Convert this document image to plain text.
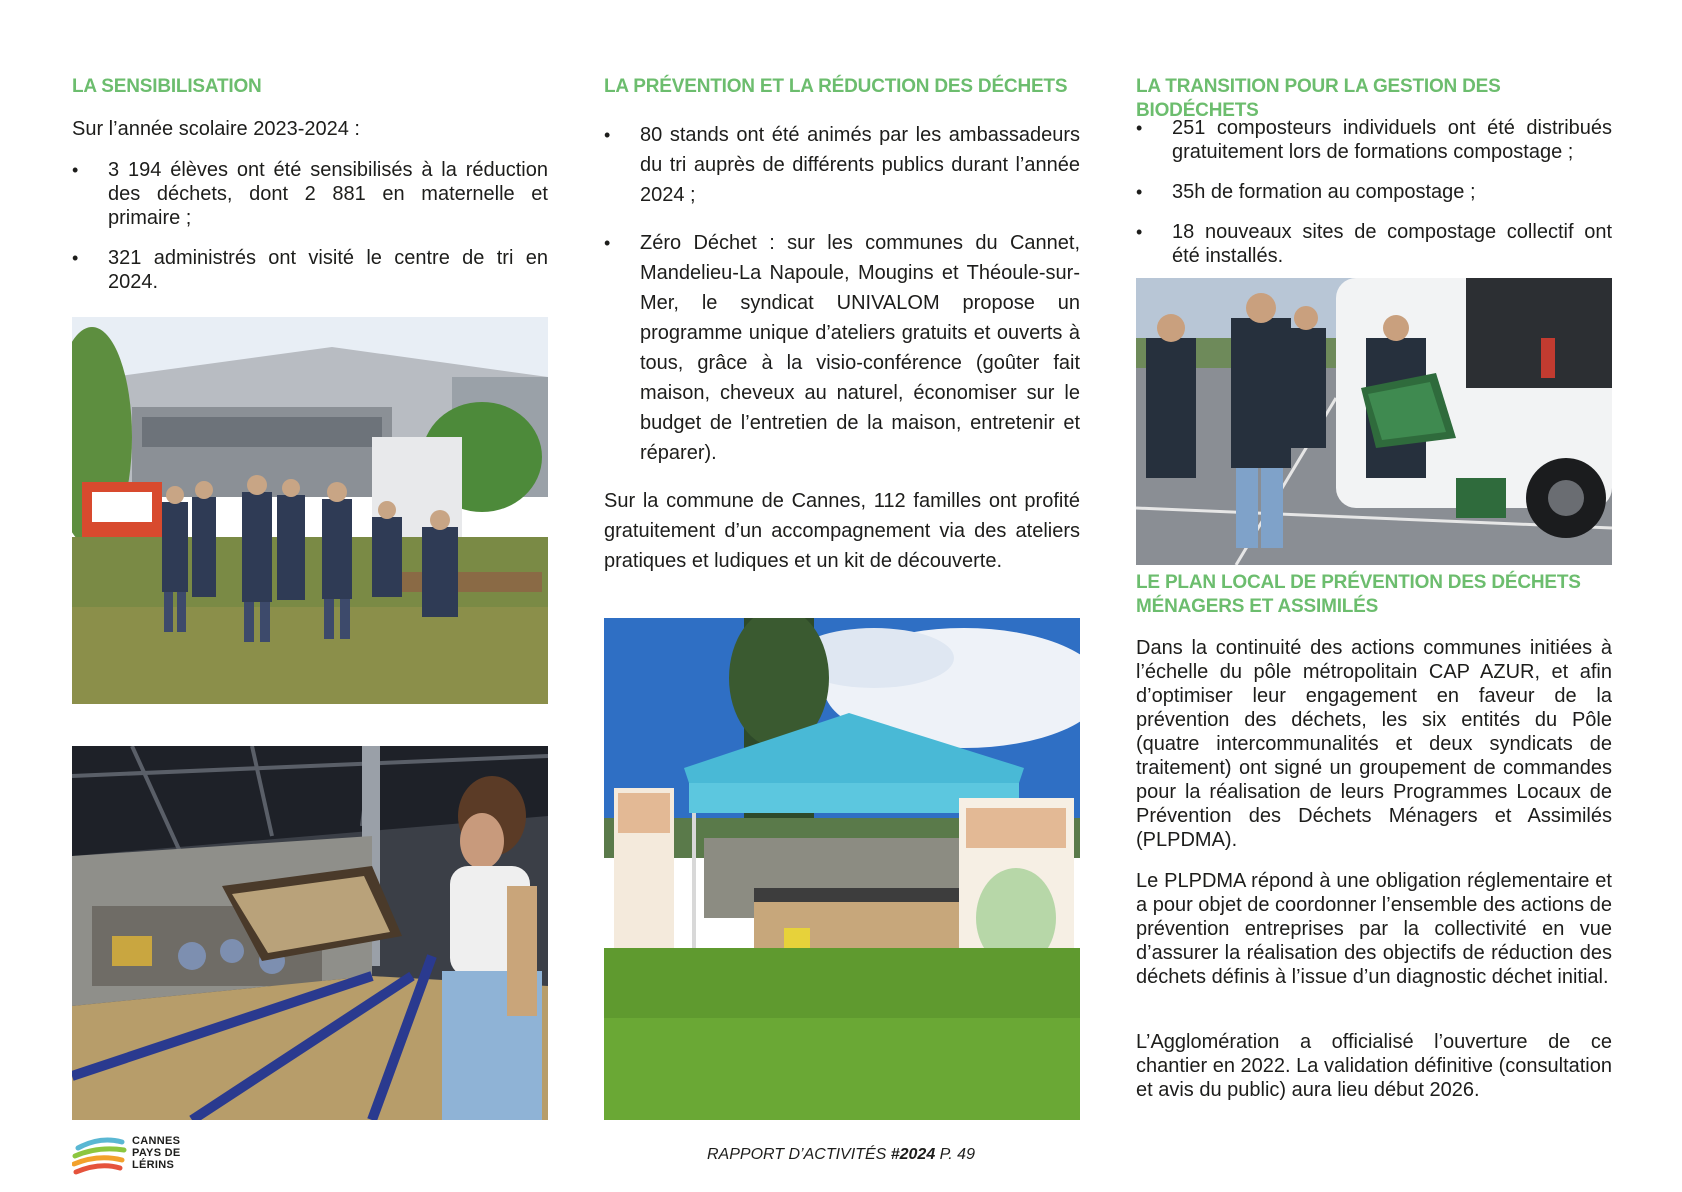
LA SENSIBILISATION

Sur l’année scolaire 2023-2024 :

• 3 194 élèves ont été sensibilisés à la réduction des déchets, dont 2 881 en maternelle et primaire ;
• 321 administrés ont visité le centre de tri en 2024.
LA PRÉVENTION ET LA RÉDUCTION DES DÉCHETS
• 80 stands ont été animés par les ambassadeurs du tri auprès de différents publics durant l’année 2024 ;
• Zéro Déchet : sur les communes du Cannet, Mandelieu-La Napoule, Mougins et Théoule-sur-Mer, le syndicat UNIVALOM propose un programme unique d’ateliers gratuits et ouverts à tous, grâce à la visio-conférence (goûter fait maison, cheveux au naturel, économiser sur le budget de l’entretien de la maison, entretenir et réparer).

Sur la commune de Cannes, 112 familles ont profité gratuitement d’un accompagnement via des ateliers pratiques et ludiques et un kit de découverte.

LA TRANSITION POUR LA GESTION DES BIODÉCHETS
• 251 composteurs individuels ont été distribués gratuitement lors de formations compostage ;
• 35h de formation au compostage ;
• 18 nouveaux sites de compostage collectif ont été installés.
LE PLAN LOCAL DE PRÉVENTION DES DÉCHETS MÉNAGERS ET ASSIMILÉS

Dans la continuité des actions communes initiées à l’échelle du pôle métropolitain CAP AZUR, et afin d’optimiser leur engagement en faveur de la prévention des déchets, les six entités du Pôle (quatre intercommunalités et deux syndicats de traitement) ont signé un groupement de commandes pour la réalisation de leurs Programmes Locaux de Prévention des Déchets Ménagers et Assimilés (PLPDMA).

Le PLPDMA répond à une obligation réglementaire et a pour objet de coordonner l’ensemble des actions de prévention entreprises par la collectivité en vue d’assurer la réalisation des objectifs de réduction des déchets définis à l’issue d’un diagnostic déchet initial.

L’Agglomération a officialisé l’ouverture de ce chantier en 2022. La validation définitive (consultation et avis du public) aura lieu début 2026.

CANNES
PAYS DE
LÉRINS
RAPPORT D’ACTIVITÉS #2024 P. 49
